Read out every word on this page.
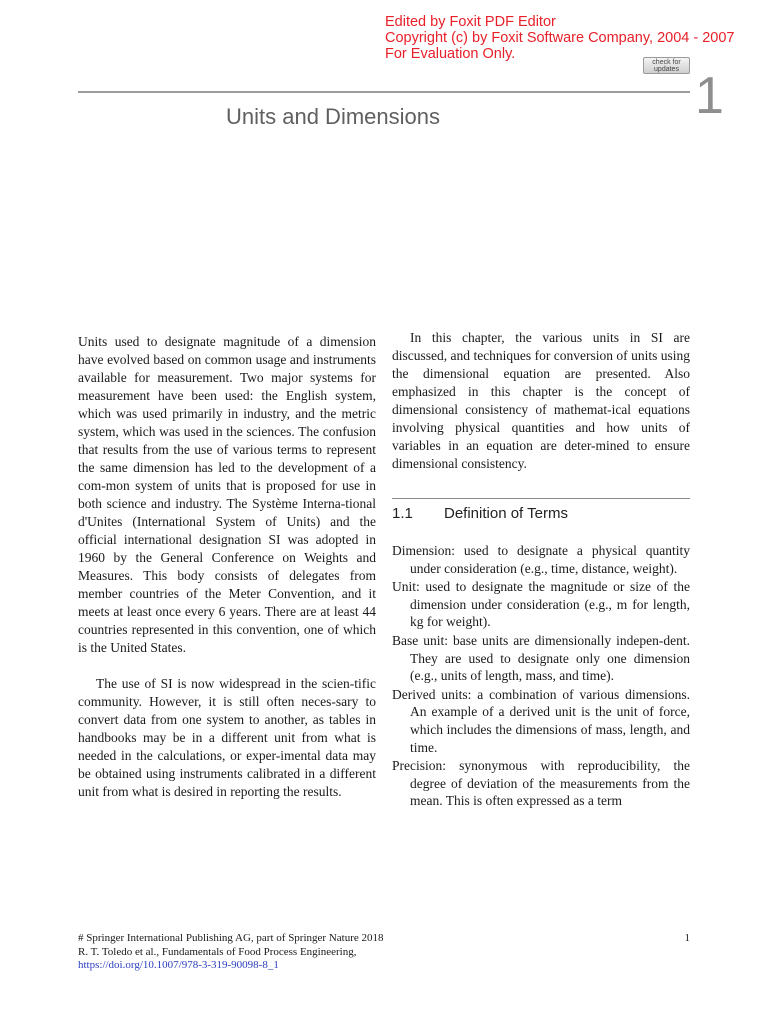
Edited by Foxit PDF Editor
Copyright (c) by Foxit Software Company, 2004 - 2007
For Evaluation Only.
check for
updates 1
Units and Dimensions

Units used to designate magnitude of a dimension have evolved based on common usage and instruments available for measurement. Two major systems for measurement have been used: the English system, which was used primarily in industry, and the metric system, which was used in the sciences. The confusion that results from the use of various terms to represent the same dimension has led to the development of a com-mon system of units that is proposed for use in both science and industry. The Système Interna-tional d'Unites (International System of Units) and the official international designation SI was adopted in 1960 by the General Conference on Weights and Measures. This body consists of delegates from member countries of the Meter Convention, and it meets at least once every 6 years. There are at least 44 countries represented in this convention, one of which is the United States.

The use of SI is now widespread in the scien-tific community. However, it is still often neces-sary to convert data from one system to another, as tables in handbooks may be in a different unit from what is needed in the calculations, or exper-imental data may be obtained using instruments calibrated in a different unit from what is desired in reporting the results.

In this chapter, the various units in SI are discussed, and techniques for conversion of units using the dimensional equation are presented. Also emphasized in this chapter is the concept of dimensional consistency of mathemat-ical equations involving physical quantities and how units of variables in an equation are deter-mined to ensure dimensional consistency.

1.1 Definition of Terms

Dimension: used to designate a physical quantity under consideration (e.g., time, distance, weight).

Unit: used to designate the magnitude or size of the dimension under consideration (e.g., m for length, kg for weight).

Base unit: base units are dimensionally indepen-dent. They are used to designate only one dimension (e.g., units of length, mass, and time).

Derived units: a combination of various dimensions. An example of a derived unit is the unit of force, which includes the dimensions of mass, length, and time.

Precision: synonymous with reproducibility, the degree of deviation of the measurements from the mean. This is often expressed as a term

# Springer International Publishing AG, part of Springer Nature 2018
R. T. Toledo et al., Fundamentals of Food Process Engineering,
https://doi.org/10.1007/978-3-319-90098-8_1
1
